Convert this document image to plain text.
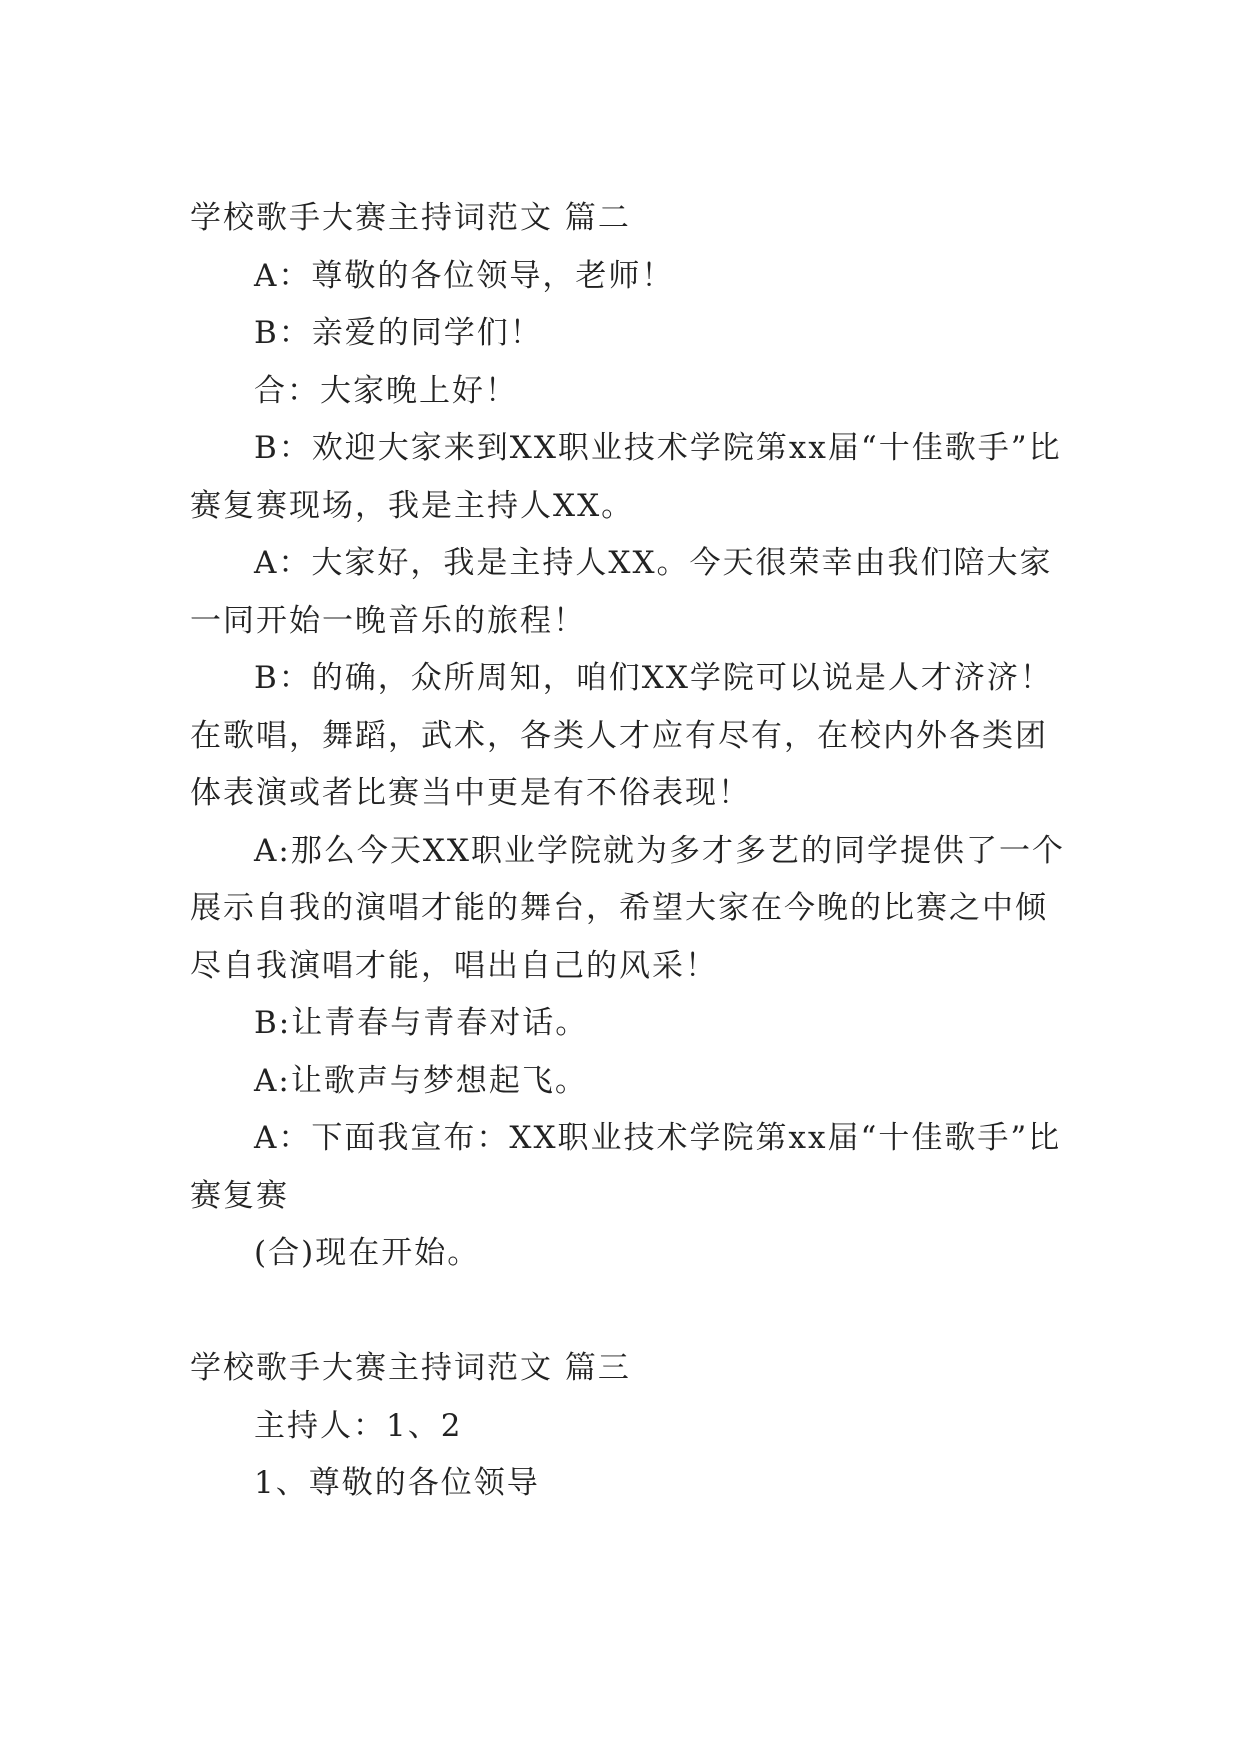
学校歌手大赛主持词范文 篇二

A：尊敬的各位领导，老师！

B：亲爱的同学们！

合：大家晚上好！

B：欢迎大家来到XX职业技术学院第xx届“十佳歌手”比赛复赛现场，我是主持人XX。

A：大家好，我是主持人XX。今天很荣幸由我们陪大家一同开始一晚音乐的旅程！

B：的确，众所周知，咱们XX学院可以说是人才济济！在歌唱，舞蹈，武术，各类人才应有尽有，在校内外各类团体表演或者比赛当中更是有不俗表现！

A:那么今天XX职业学院就为多才多艺的同学提供了一个展示自我的演唱才能的舞台，希望大家在今晚的比赛之中倾尽自我演唱才能，唱出自己的风采！

B:让青春与青春对话。

A:让歌声与梦想起飞。

A：下面我宣布：XX职业技术学院第xx届“十佳歌手”比赛复赛

(合)现在开始。

学校歌手大赛主持词范文 篇三

主持人：1、2

1、尊敬的各位领导
